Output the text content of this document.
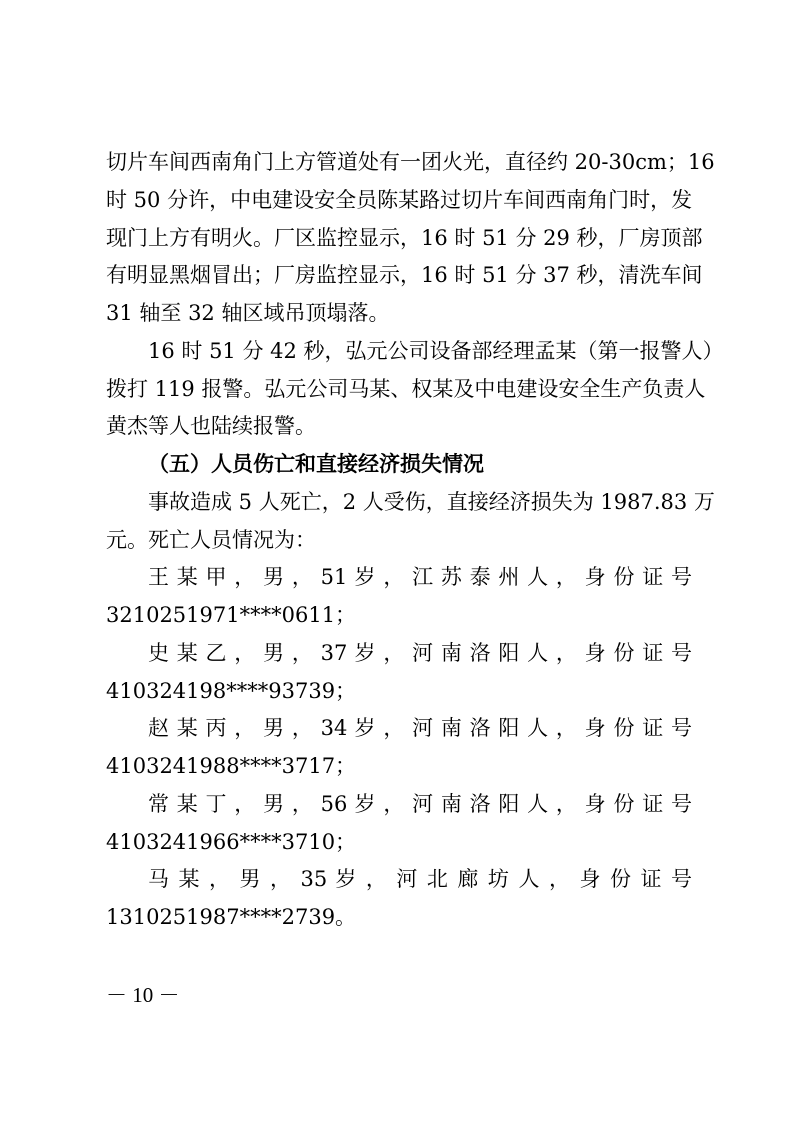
切片车间西南角门上方管道处有一团火光，直径约 20-30cm；16
时 50 分许，中电建设安全员陈某路过切片车间西南角门时，发
现门上方有明火。厂区监控显示，16 时 51 分 29 秒，厂房顶部
有明显黑烟冒出；厂房监控显示，16 时 51 分 37 秒，清洗车间
31 轴至 32 轴区域吊顶塌落。
16 时 51 分 42 秒，弘元公司设备部经理孟某（第一报警人）
拨打 119 报警。弘元公司马某、权某及中电建设安全生产负责人
黄杰等人也陆续报警。
（五）人员伤亡和直接经济损失情况
事故造成 5 人死亡，2 人受伤，直接经济损失为 1987.83 万
元。死亡人员情况为：
王 某 甲 ， 男 ， 51 岁 ， 江 苏 泰 州 人 ， 身 份 证 号
3210251971****0611；
史 某 乙 ， 男 ， 37 岁 ， 河 南 洛 阳 人 ， 身 份 证 号
410324198****93739；
赵 某 丙 ， 男 ， 34 岁 ， 河 南 洛 阳 人 ， 身 份 证 号
4103241988****3717；
常 某 丁 ， 男 ， 56 岁 ， 河 南 洛 阳 人 ， 身 份 证 号
4103241966****3710；
马 某 ， 男 ， 35 岁 ， 河 北 廊 坊 人 ， 身 份 证 号
1310251987****2739。
－ 10 －
